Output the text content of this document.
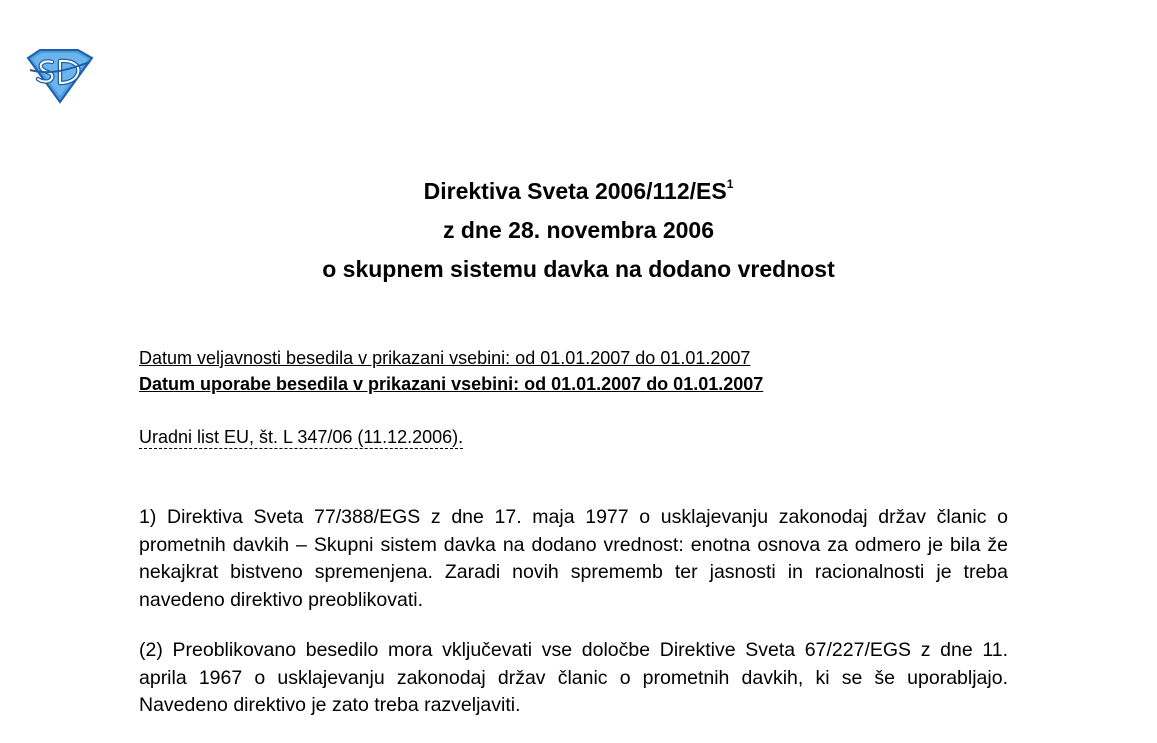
Direktiva Sveta $2006/112/ES^1$
z dne 28. novembra 2006
o skupnem sistemu davka na dodano vrednost
Datum veljavnosti besedila v prikazani vsebini: od 01.01.2007 do 01.01.2007
Datum uporabe besedila v prikazani vsebini: od 01.01.2007 do 01.01.2007
Uradni list EU, št. L 347/06 (11.12.2006).
1) Direktiva Sveta 77/388/EGS z dne 17. maja 1977 o usklajevanju zakonodaj držav članic o prometnih davkih – Skupni sistem davka na dodano vrednost: enotna osnova za odmero je bila že nekajkrat bistveno spremenjena. Zaradi novih sprememb ter jasnosti in racionalnosti je treba navedeno direktivo preoblikovati.
(2) Preoblikovano besedilo mora vključevati vse določbe Direktive Sveta 67/227/EGS z dne 11. aprila 1967 o usklajevanju zakonodaj držav članic o prometnih davkih, ki se še uporabljajo. Navedeno direktivo je zato treba razveljaviti.
